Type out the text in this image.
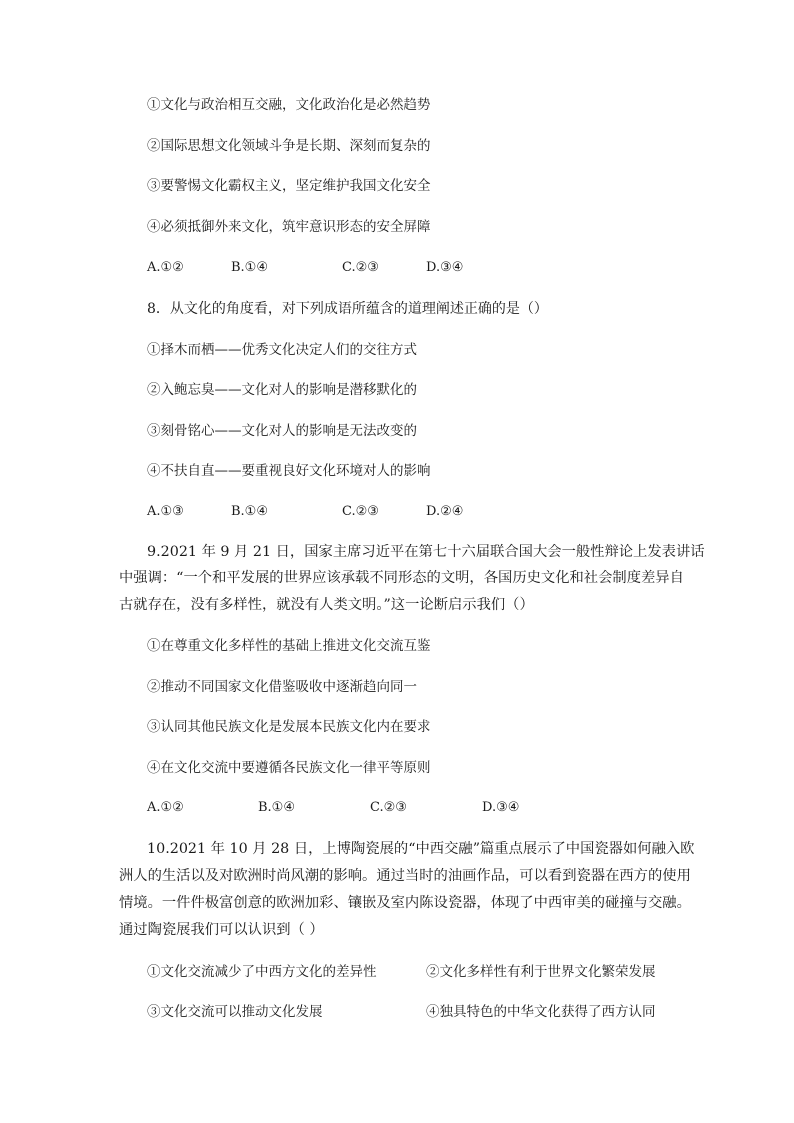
①文化与政治相互交融，文化政治化是必然趋势
②国际思想文化领域斗争是长期、深刻而复杂的
③要警惕文化霸权主义，坚定维护我国文化安全
④必须抵御外来文化，筑牢意识形态的安全屏障
A.①②	B.①④	C.②③	D.③④
8．从文化的角度看，对下列成语所蕴含的道理阐述正确的是（）
①择木而栖——优秀文化决定人们的交往方式
②入鲍忘臭——文化对人的影响是潜移默化的
③刻骨铭心——文化对人的影响是无法改变的
④不扶自直——要重视良好文化环境对人的影响
A.①③	B.①④	C.②③	D.②④
9.2021 年 9 月 21 日，国家主席习近平在第七十六届联合国大会一般性辩论上发表讲话
中强调：“一个和平发展的世界应该承载不同形态的文明，各国历史文化和社会制度差异自
古就存在，没有多样性，就没有人类文明。”这一论断启示我们（）
①在尊重文化多样性的基础上推进文化交流互鉴
②推动不同国家文化借鉴吸收中逐渐趋向同一
③认同其他民族文化是发展本民族文化内在要求
④在文化交流中要遵循各民族文化一律平等原则
A.①②	B.①④	C.②③	D.③④
10.2021 年 10 月 28 日，上博陶瓷展的“中西交融”篇重点展示了中国瓷器如何融入欧
洲人的生活以及对欧洲时尚风潮的影响。通过当时的油画作品，可以看到瓷器在西方的使用
情境。一件件极富创意的欧洲加彩、镶嵌及室内陈设瓷器，体现了中西审美的碰撞与交融。
通过陶瓷展我们可以认识到（ ）
①文化交流减少了中西方文化的差异性	②文化多样性有利于世界文化繁荣发展
③文化交流可以推动文化发展	④独具特色的中华文化获得了西方认同
